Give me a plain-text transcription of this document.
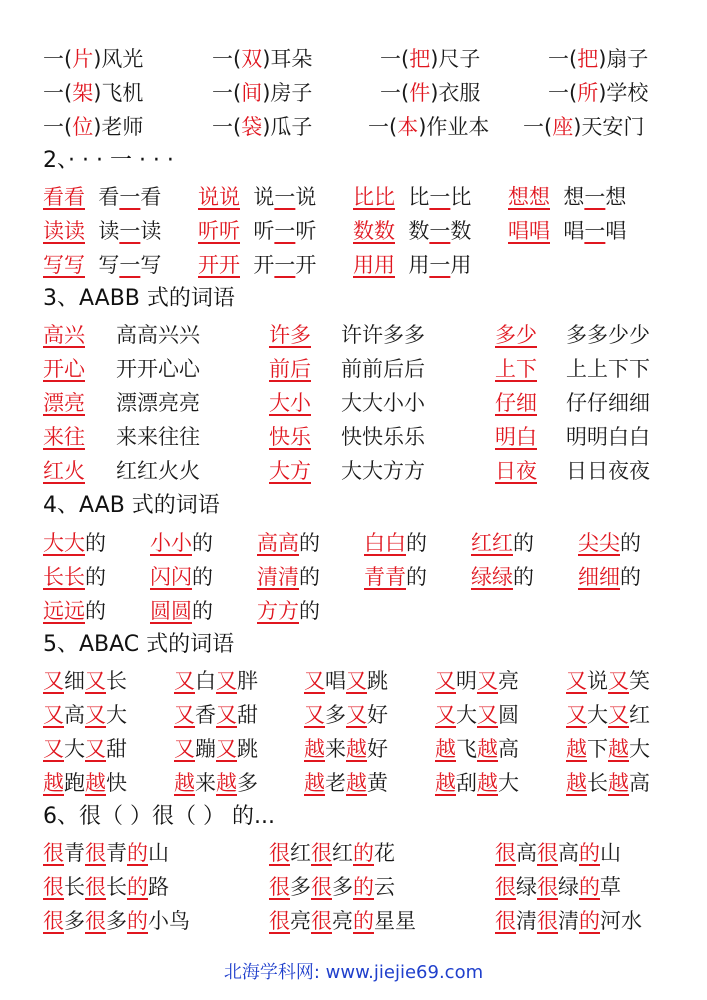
一(片)风光	一(双)耳朵	一(把)尺子	一(把)扇子
一(架)飞机	一(间)房子	一(件)衣服	一(所)学校
一(位)老师	一(袋)瓜子	一(本)作业本 一(座)天安门
2、· · · 一 · · ·
看看 看一看 说说 说一说 比比 比一比 想想 想一想
读读 读一读 听听 听一听 数数 数一数 唱唱 唱一唱
写写 写一写 开开 开一开 用用 用一用
3、AABB 式的词语
高兴 高高兴兴	许多 许许多多	多少 多多少少
开心 开开心心	前后 前前后后	上下 上上下下
漂亮 漂漂亮亮	大小 大大小小	仔细 仔仔细细
来往 来来往往	快乐 快快乐乐	明白 明明白白
红火 红红火火	大方 大大方方	日夜 日日夜夜
4、AAB 式的词语
大大的 小小的 高高的 白白的 红红的 尖尖的
长长的 闪闪的 清清的 青青的 绿绿的 细细的
远远的 圆圆的 方方的
5、ABAC 式的词语
又细又长 又白又胖 又唱又跳 又明又亮 又说又笑
又高又大 又香又甜 又多又好 又大又圆 又大又红
又大又甜 又蹦又跳 越来越好 越飞越高 越下越大
越跑越快 越来越多 越老越黄 越刮越大 越长越高
6、很（ ）很（ ） 的...
很青很青的山	很红很红的花	很高很高的山
很长很长的路	很多很多的云	很绿很绿的草
很多很多的小鸟	很亮很亮的星星	很清很清的河水
北海学科网: www.jiejie69.com
